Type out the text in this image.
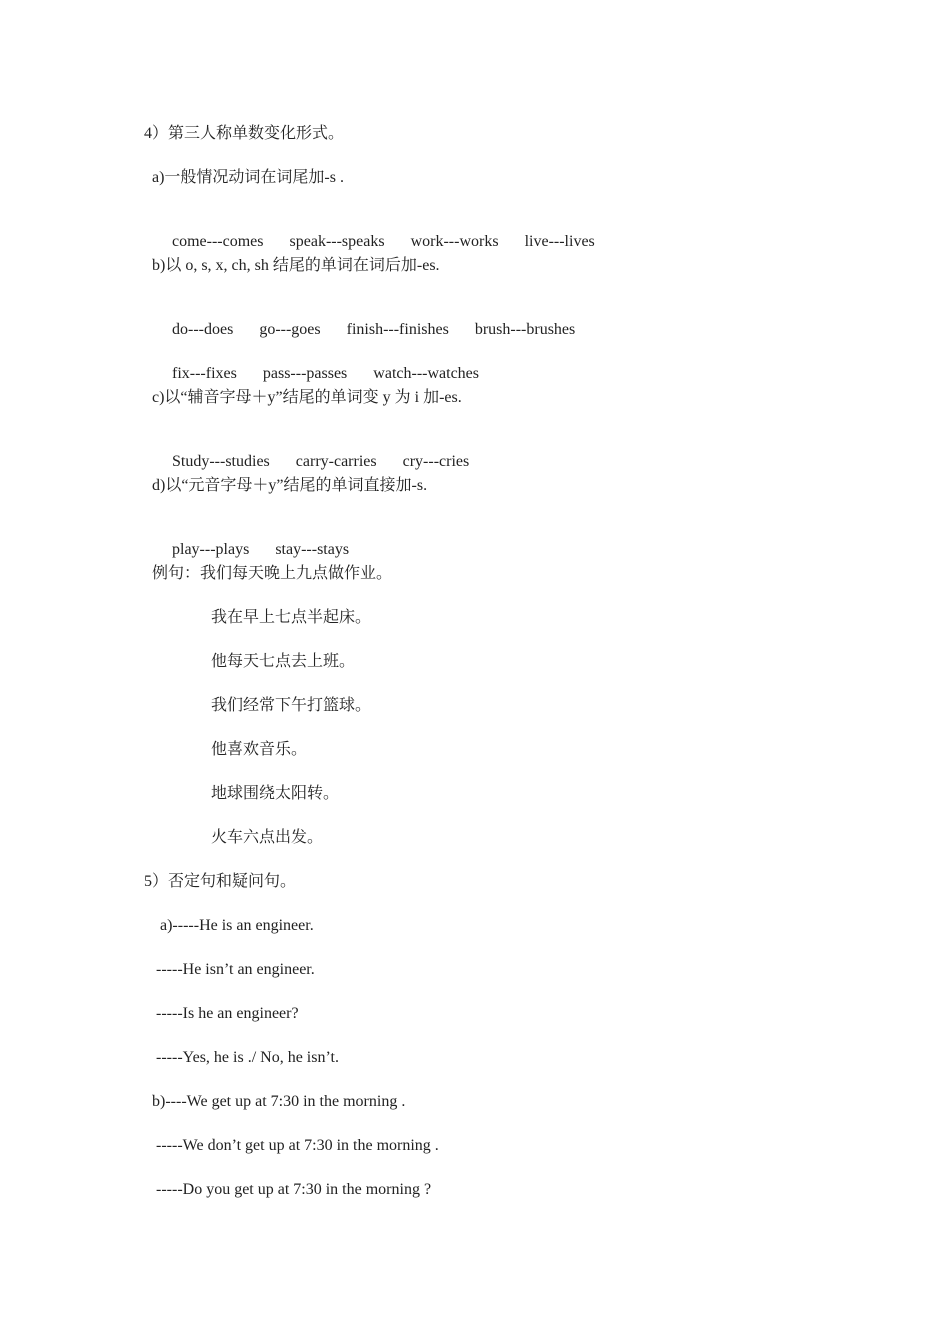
4）第三人称单数变化形式。
a)一般情况动词在词尾加-s .

come---comes speak---speaks work---works live---lives

b)以 o, s, x, ch, sh 结尾的单词在词后加-es.

do---does go---goes finish---finishes brush---brushes

fix---fixes pass---passes watch---watches

c)以“辅音字母＋y”结尾的单词变 y 为 i 加-es.

Study---studies carry-carries cry---cries

d)以“元音字母＋y”结尾的单词直接加-s.

play---plays stay---stays

例句：我们每天晚上九点做作业。
我在早上七点半起床。
他每天七点去上班。
我们经常下午打篮球。
他喜欢音乐。
地球围绕太阳转。
火车六点出发。
5）否定句和疑问句。
a)-----He is an engineer.
-----He isn’t an engineer.
-----Is he an engineer?
-----Yes, he is ./ No, he isn’t.
b)----We get up at 7:30 in the morning .
-----We don’t get up at 7:30 in the morning .
-----Do you get up at 7:30 in the morning ?
